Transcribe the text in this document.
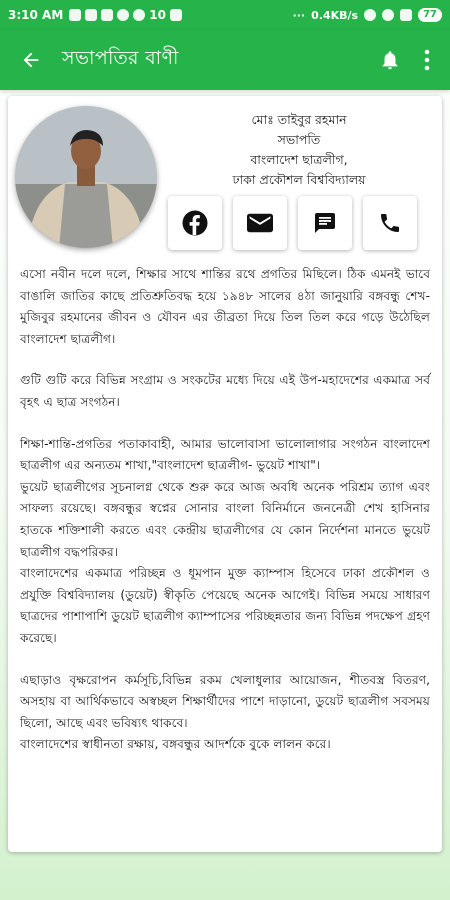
3:10 AM	10	··· 0.4KB/s	77
সভাপতির বাণী
মোঃ তাইবুর রহমান
সভাপতি
বাংলাদেশ ছাত্রলীগ,
ঢাকা প্রকৌশল বিশ্ববিদ্যালয়

এসো নবীন দলে দলে, শিক্ষার সাথে শান্তির রথে প্রগতির মিছিলে। ঠিক এমনই ভাবে বাঙালি জাতির কাছে প্রতিশ্রুতিবদ্ধ হয়ে ১৯৪৮ সালের ৪ঠা জানুয়ারি বঙ্গবন্ধু শেখ-মুজিবুর রহমানের জীবন ও যৌবন এর তীব্রতা দিয়ে তিল তিল করে গড়ে উঠেছিল বাংলাদেশ ছাত্রলীগ।

গুটি গুটি করে বিভিন্ন সংগ্রাম ও সংকটের মধ্যে দিয়ে এই উপ-মহাদেশের একমাত্র সর্ব বৃহৎ এ ছাত্র সংগঠন।

শিক্ষা-শান্তি-প্রগতির পতাকাবাহী, আমার ভালোবাসা ভালোলাগার সংগঠন বাংলাদেশ ছাত্রলীগ এর অন্যতম শাখা,"বাংলাদেশ ছাত্রলীগ- ভুয়েট শাখা"।

ভুয়েট ছাত্রলীগের সূচনালগ্ন থেকে শুরু করে আজ অবধি অনেক পরিশ্রম ত্যাগ এবং সাফল্য রয়েছে। বঙ্গবন্ধুর স্বপ্নের সোনার বাংলা বিনির্মানে জননেত্রী শেখ হাসিনার হাতকে শক্তিশালী করতে এবং কেন্দ্রীয় ছাত্রলীগের যে কোন নির্দেশনা মানতে ভুয়েট ছাত্রলীগ বদ্ধপরিকর।

বাংলাদেশের একমাত্র পরিচ্ছন্ন ও ধূমপান মুক্ত ক্যাম্পাস হিসেবে ঢাকা প্রকৌশল ও প্রযুক্তি বিশ্ববিদ্যালয় (ডুয়েট) স্বীকৃতি পেয়েছে অনেক আগেই। বিভিন্ন সময়ে সাধারণ ছাত্রদের পাশাপাশি ডুয়েট ছাত্রলীগ ক্যাম্পাসের পরিচ্ছন্নতার জন্য বিভিন্ন পদক্ষেপ গ্রহণ করেছে।

এছাড়াও বৃক্ষরোপন কর্মসূচি,বিভিন্ন রকম খেলাধুলার আয়োজন, শীতবস্ত্র বিতরণ, অসহায় বা আর্থিকভাবে অস্বচ্ছল শিক্ষার্থীদের পাশে দাড়ানো, ডুয়েট ছাত্রলীগ সবসময় ছিলো, আছে এবং ভবিষ্যৎ থাকবে।

বাংলাদেশের স্বাধীনতা রক্ষায়, বঙ্গবন্ধুর আদর্শকে বুকে লালন করে।
